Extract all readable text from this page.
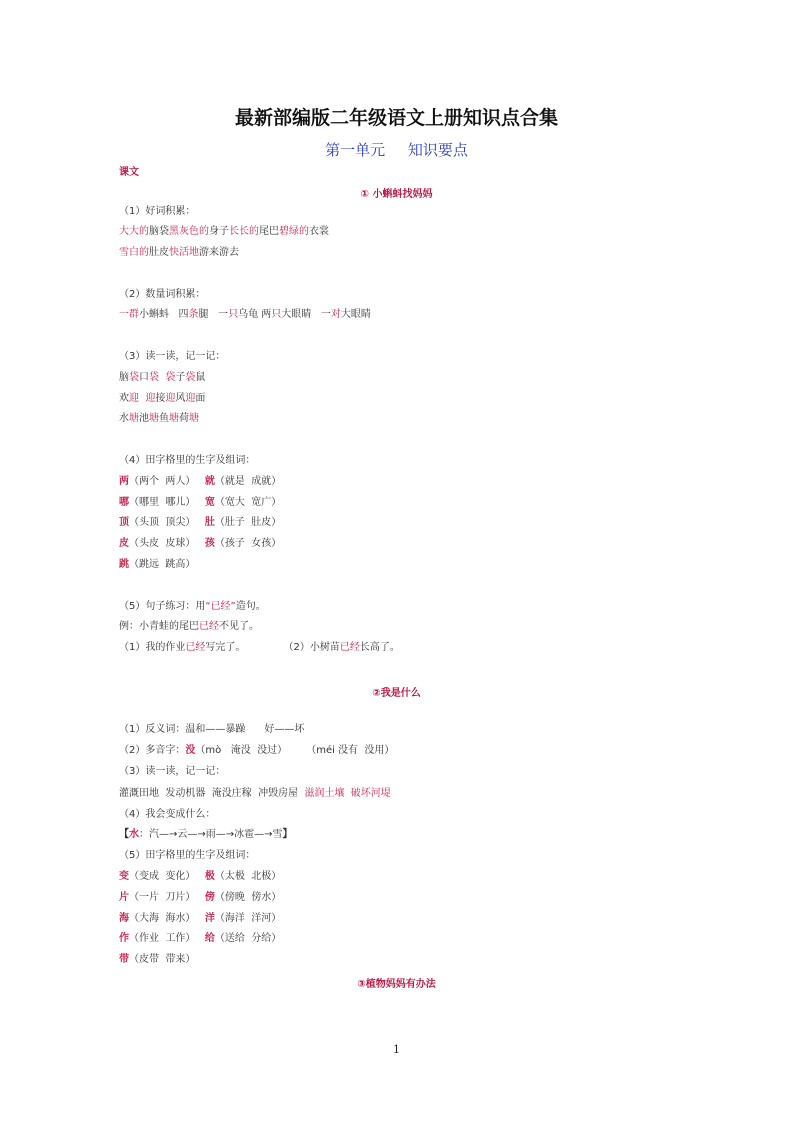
最新部编版二年级语文上册知识点合集
第一单元 知识要点
课文
① 小蝌蚪找妈妈
（1）好词积累：
大大的脑袋黑灰色的身子长长的尾巴碧绿的衣裳
雪白的肚皮快活地游来游去
（2）数量词积累：
一群小蝌蚪   四条腿   一只乌龟 两只大眼睛   一对大眼睛
（3）读一读，记一记：
脑袋口袋 袋子袋鼠
欢迎 迎接迎风迎面
水塘池塘鱼塘荷塘
（4）田字格里的生字及组词：
两（两个  两人）   就（就是  成就）
哪（哪里  哪儿）   宽（宽大  宽广）
顶（头顶  顶尖）   肚（肚子  肚皮）
皮（头皮  皮球）   孩（孩子  女孩）
跳（跳远  跳高）
（5）句子练习：用“已经”造句。
例：小青蛙的尾巴已经不见了。
（1）我的作业已经写完了。            （2）小树苗已经长高了。
②我是什么
（1）反义词：温和——暴躁      好——坏
（2）多音字：没（mò   淹没  没过）      （méi 没有  没用）
（3）读一读，记一记：
灌溉田地  发动机器  淹没庄稼  冲毁房屋  滋润土壤  破坏河堤
（4）我会变成什么：
【水：汽—→云—→雨—→冰雹—→雪】
（5）田字格里的生字及组词：
变（变成  变化）   极（太极  北极）
片（一片  刀片）   傍（傍晚  傍水）
海（大海  海水）   洋（海洋  洋河）
作（作业  工作）   给（送给  分给）
带（皮带  带来）
③植物妈妈有办法
1
